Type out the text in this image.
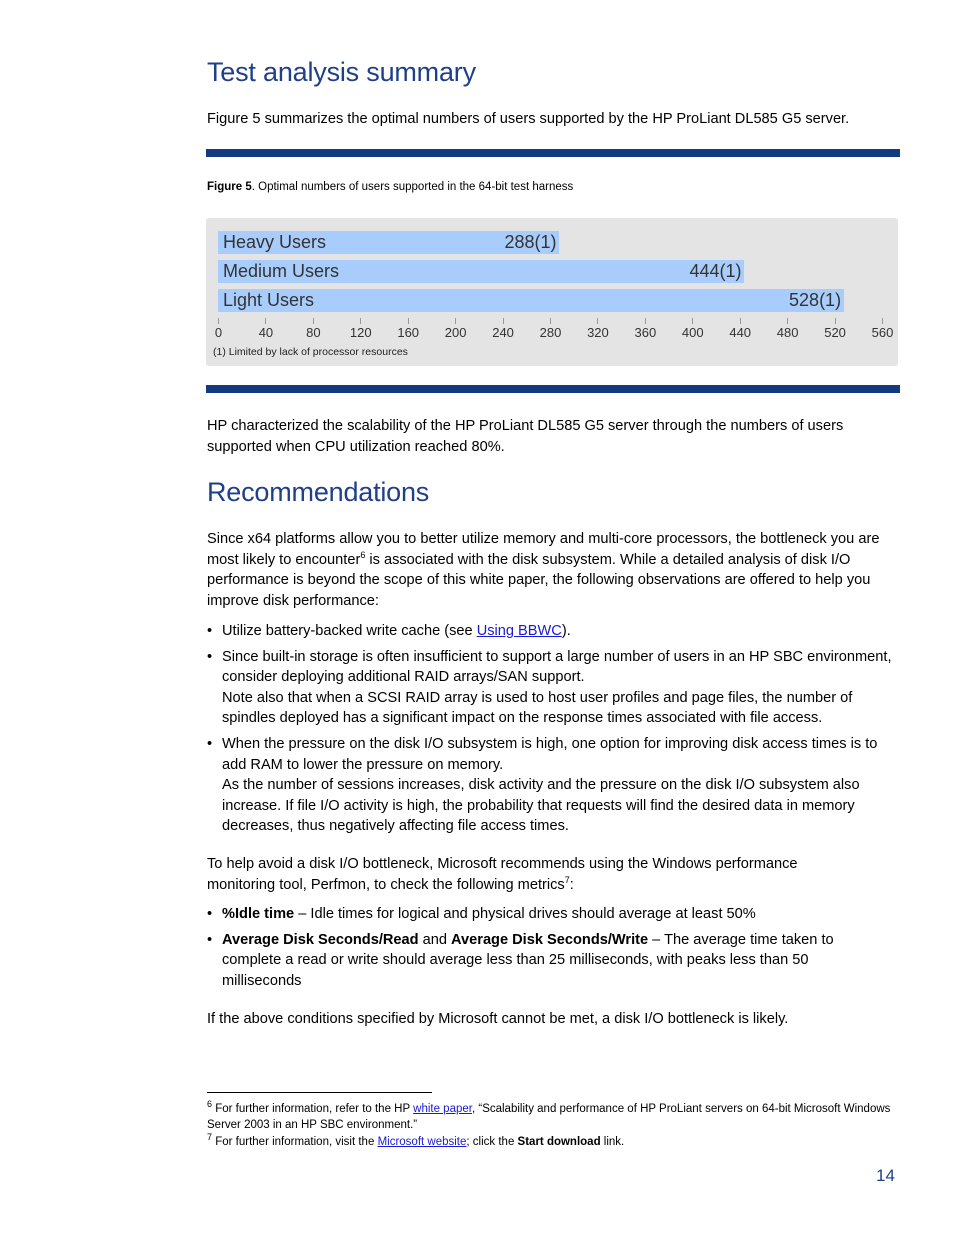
Test analysis summary
Figure 5 summarizes the optimal numbers of users supported by the HP ProLiant DL585 G5 server.
Figure 5. Optimal numbers of users supported in the 64-bit test harness
Heavy Users	288(1)
Medium Users	444(1)
Light Users	528(1)
0	40	80 120 160 200 240 280 320 360 400 440 480 520 560
(1) Limited by lack of processor resources
HP characterized the scalability of the HP ProLiant DL585 G5 server through the numbers of users supported when CPU utilization reached 80%.
Recommendations
Since x64 platforms allow you to better utilize memory and multi-core processors, the bottleneck you are most likely to encounter$^6$ is associated with the disk subsystem. While a detailed analysis of disk I/O performance is beyond the scope of this white paper, the following observations are offered to help you improve disk performance:
• Utilize battery-backed write cache (see Using BBWC).
• Since built-in storage is often insufficient to support a large number of users in an HP SBC environment, consider deploying additional RAID arrays/SAN support.
Note also that when a SCSI RAID array is used to host user profiles and page files, the number of spindles deployed has a significant impact on the response times associated with file access.
• When the pressure on the disk I/O subsystem is high, one option for improving disk access times is to add RAM to lower the pressure on memory.
As the number of sessions increases, disk activity and the pressure on the disk I/O subsystem also increase. If file I/O activity is high, the probability that requests will find the desired data in memory decreases, thus negatively affecting file access times.
To help avoid a disk I/O bottleneck, Microsoft recommends using the Windows performance monitoring tool, Perfmon, to check the following metrics$^7$:
• %Idle time – Idle times for logical and physical drives should average at least 50%
• Average Disk Seconds/Read and Average Disk Seconds/Write – The average time taken to complete a read or write should average less than 25 milliseconds, with peaks less than 50 milliseconds
If the above conditions specified by Microsoft cannot be met, a disk I/O bottleneck is likely.
$^6$ For further information, refer to the HP white paper, “Scalability and performance of HP ProLiant servers on 64-bit Microsoft Windows Server 2003 in an HP SBC environment.”
$^7$ For further information, visit the Microsoft website; click the Start download link.
14
